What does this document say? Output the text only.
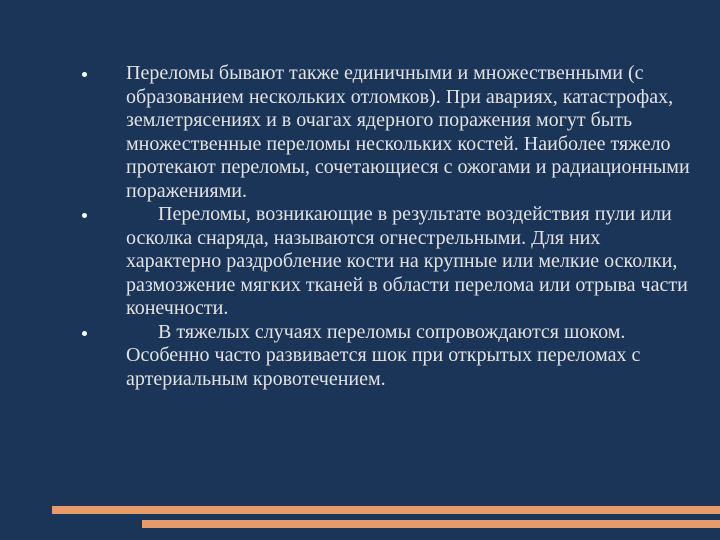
Переломы бывают также единичными и множественными (с образованием нескольких отломков). При авариях, катастрофах, землетрясениях и в очагах ядерного поражения могут быть множественные переломы нескольких костей. Наиболее тяжело протекают переломы, сочетающиеся с ожогами и радиационными поражениями.
Переломы, возникающие в результате воздействия пули или осколка снаряда, называются огнестрельными. Для них характерно раздробление кости на крупные или мелкие осколки, размозжение мягких тканей в области перелома или отрыва части конечности.
В тяжелых случаях переломы сопровождаются шоком. Особенно часто развивается шок при открытых переломах с артериальным кровотечением.
